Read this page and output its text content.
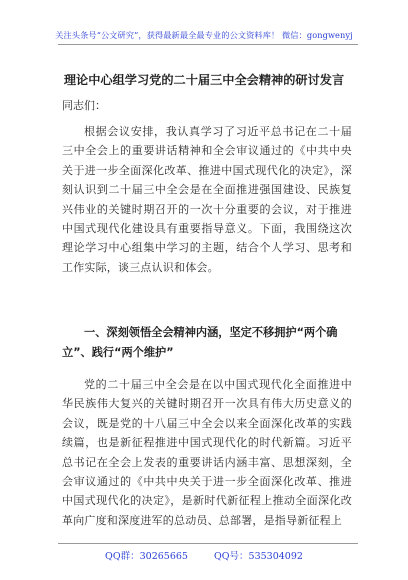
关注头条号“公文研究”，获得最新最全最专业的公文资料库！ 微信：gongwenyj
理论中心组学习党的二十届三中全会精神的研讨发言
同志们：
根据会议安排，我认真学习了习近平总书记在二十届三中全会上的重要讲话精神和全会审议通过的《中共中央关于进一步全面深化改革、推进中国式现代化的决定》，深刻认识到二十届三中全会是在全面推进强国建设、民族复兴伟业的关键时期召开的一次十分重要的会议，对于推进中国式现代化建设具有重要指导意义。下面，我围绕这次理论学习中心组集中学习的主题，结合个人学习、思考和工作实际，谈三点认识和体会。
一、深刻领悟全会精神内涵，坚定不移拥护“两个确立”、践行“两个维护”
党的二十届三中全会是在以中国式现代化全面推进中华民族伟大复兴的关键时期召开一次具有伟大历史意义的会议，既是党的十八届三中全会以来全面深化改革的实践续篇，也是新征程推进中国式现代化的时代新篇。习近平总书记在全会上发表的重要讲话内涵丰富、思想深刻，全会审议通过的《中共中央关于进一步全面深化改革、推进中国式现代化的决定》，是新时代新征程上推动全面深化改革向广度和深度进军的总动员、总部署，是指导新征程上
QQ群：30265665	QQ号：535304092
